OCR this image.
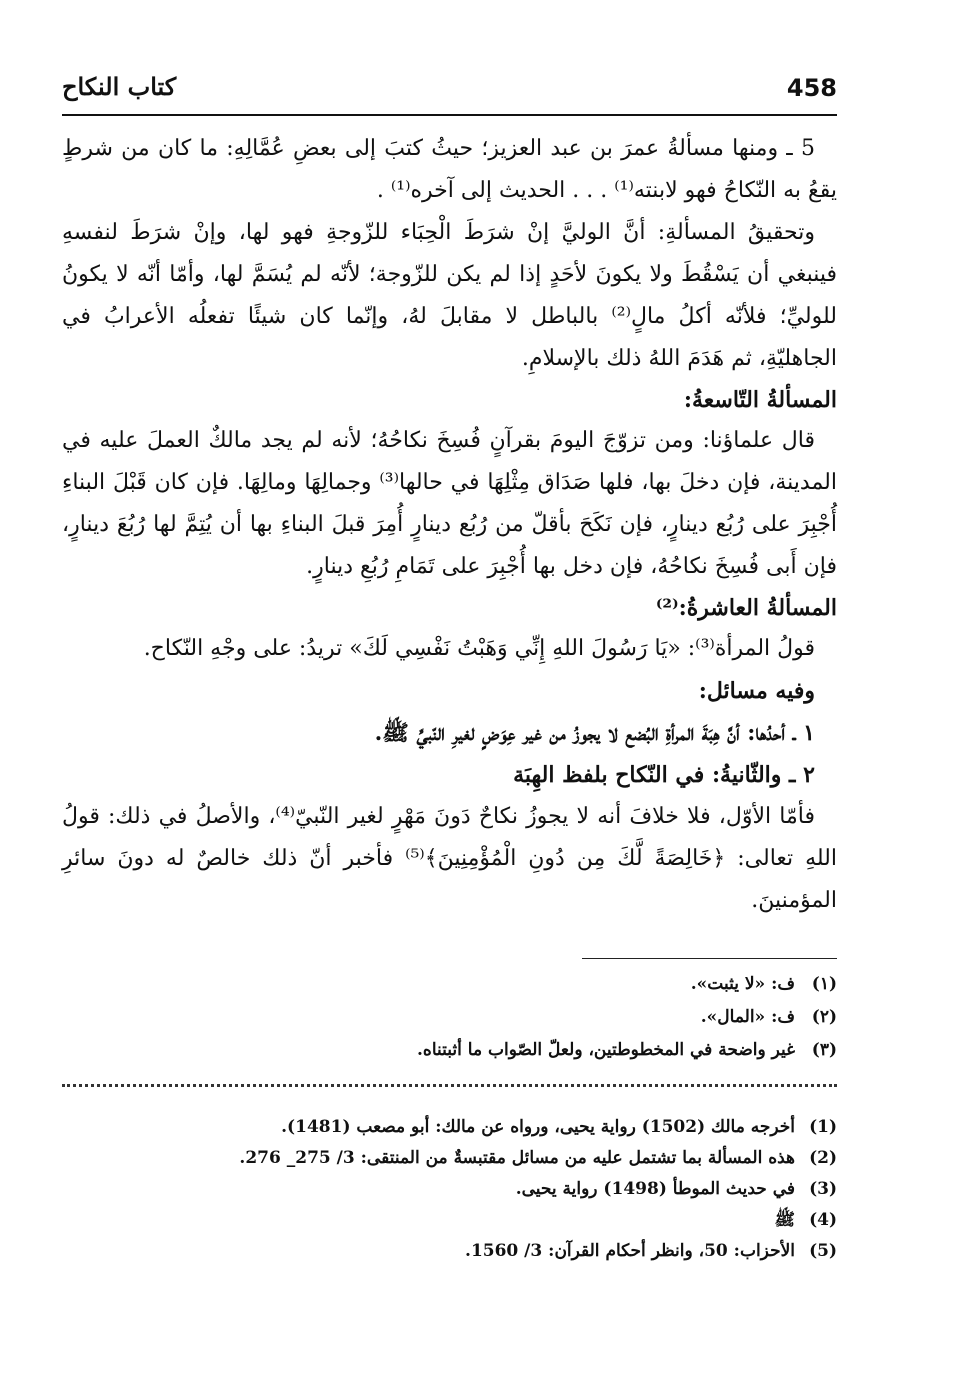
458
كتاب النكاح

5 ـ ومنها مسألةُ عمرَ بن عبد العزيز؛ حيثُ كتبَ إلى بعضِ عُمَّالِهِ: ما كان من شرطٍ يقعُ به النّكاحُ فهو لابنته⁽¹⁾ . . . الحديث إلى آخره⁽¹⁾ .

وتحقيقُ المسألةِ: أنَّ الوليَّ إنْ شرَطَ الْحِبَاء للزّوجةِ فهو لها، وإنْ شرَطَ لنفسهِ فينبغي أن يَسْقُطَ ولا يكونَ لأحَدٍ إذا لم يكن للزّوجة؛ لأنّه لم يُسَمَّ لها، وأمّا أنّه لا يكونُ للوليِّ؛ فلأنّه أكلُ مالٍ⁽²⁾ بالباطل لا مقابلَ لهُ، وإنّما كان شيئًا تفعلُه الأعرابُ في الجاهليّةِ، ثم هَدَمَ اللهُ ذلك بالإسلامِ.

المسألةُ التّاسعةُ:

قال علماؤنا: ومن تزوّجَ اليومَ بقرآنٍ فُسِخَ نكاحُهُ؛ لأنه لم يجد مالكٌ العملَ عليه في المدينة، فإن دخلَ بها، فلها صَدَاق مِثْلِهَا في حالها⁽³⁾ وجمالِهَا ومالِهَا. فإن كان قَبْلَ البناءِ أُجْبِرَ على رُبُع دينارٍ، فإن نَكَحَ بأقلّ من رُبُع دينارٍ أُمِرَ قبلَ البناءِ بها أن يُتِمَّ لها رُبُعَ دينارٍ، فإن أَبى فُسِخَ نكاحُهُ، فإن دخل بها أُجْبِرَ على تَمَامِ رُبُعِ دينارٍ.

المسألةُ العاشرةُ:⁽²⁾

قولُ المرأة⁽³⁾: «يَا رَسُولَ اللهِ إِنِّي وَهَبْتُ نَفْسِي لَكَ» تريدُ: على وجْهِ النّكاح.

وفيه مسائل:

١ ـ أحدُها: أنَّ هِبَةَ المرأةِ البُضع لا يجوزُ من غير عِوَضٍ لغيرِ النّبيِّ ﷺ.

٢ ـ والثّانيةُ: في النّكاح بلفظ الهِبَة

فأمّا الأوّل، فلا خلافَ أنه لا يجوزُ نكاحٌ دَونَ مَهْرٍ لغير النّبيّ⁽⁴⁾، والأصلُ في ذلك: قولُ اللهِ تعالى: ﴿خَالِصَةً لَّكَ مِن دُونِ الْمُؤْمِنِينَ﴾⁽⁵⁾ فأخبر أنّ ذلك خالصٌ له دونَ سائرِ المؤمنينَ.

(١)
ف: «لا يثبت».
(٢)
ف: «المال».
(٣)
غير واضحة في المخطوطتين، ولعلّ الصّواب ما أثبتناه.
(1)
أخرجه مالك (1502) رواية يحيى، ورواه عن مالك: أبو مصعب (1481).
(2)
هذه المسألة بما تشتمل عليه من مسائل مقتبسةٌ من المنتقى: 3/ 275_ 276.
(3)
في حديث الموطأ (1498) رواية يحيى.
(4)
ﷺ
(5)
الأحزاب: 50، وانظر أحكام القرآن: 3/ 1560.
